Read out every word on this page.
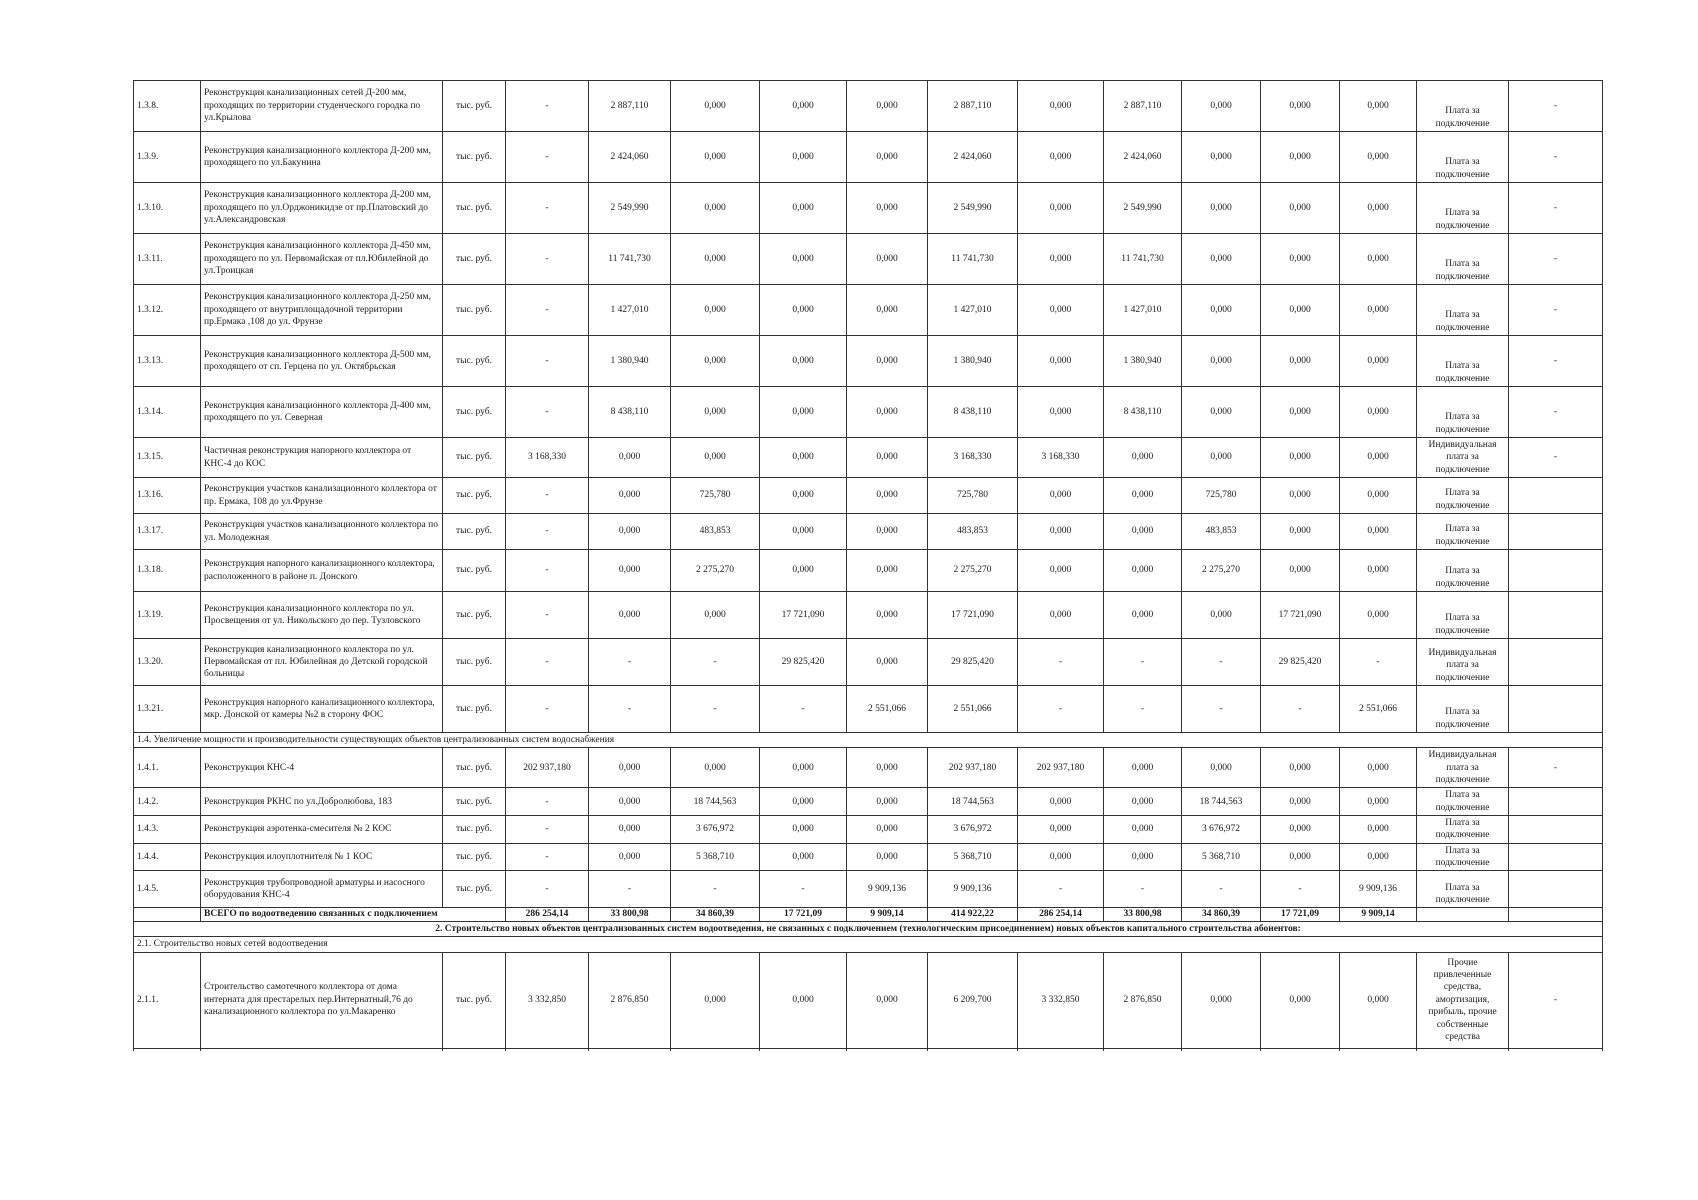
1.3.8.	Реконструкция канализационных сетей Д-200 мм, проходящих по территории студенческого городка по ул.Крылова	тыс. руб.	-	2 887,110	0,000	0,000	0,000	2 887,110	0,000	2 887,110	0,000	0,000	0,000	Плата за подключение	-
1.3.9.	Реконструкция канализационного коллектора Д-200 мм, проходящего по ул.Бакунина	тыс. руб.	-	2 424,060	0,000	0,000	0,000	2 424,060	0,000	2 424,060	0,000	0,000	0,000	Плата за подключение	-
1.3.10.	Реконструкция канализационного коллектора Д-200 мм, проходящего по ул.Орджоникидзе от пр.Платовский до ул.Александровская	тыс. руб.	-	2 549,990	0,000	0,000	0,000	2 549,990	0,000	2 549,990	0,000	0,000	0,000	Плата за подключение	-
1.3.11.	Реконструкция канализационного коллектора Д-450 мм, проходящего по ул. Первомайская от пл.Юбилейной до ул.Троицкая	тыс. руб.	-	11 741,730	0,000	0,000	0,000	11 741,730	0,000	11 741,730	0,000	0,000	0,000	Плата за подключение	-
1.3.12.	Реконструкция канализационного коллектора Д-250 мм, проходящего от внутриплощадочной территории пр.Ермака ,108 до ул. Фрунзе	тыс. руб.	-	1 427,010	0,000	0,000	0,000	1 427,010	0,000	1 427,010	0,000	0,000	0,000	Плата за подключение	-
1.3.13.	Реконструкция канализационного коллектора Д-500 мм, проходящего от сп. Герцена по ул. Октябрьская	тыс. руб.	-	1 380,940	0,000	0,000	0,000	1 380,940	0,000	1 380,940	0,000	0,000	0,000	Плата за подключение	-
1.3.14.	Реконструкция канализационного коллектора Д-400 мм, проходящего по ул. Северная	тыс. руб.	-	8 438,110	0,000	0,000	0,000	8 438,110	0,000	8 438,110	0,000	0,000	0,000	Плата за подключение	-
1.3.15.	Частичная реконструкция напорного коллектора от КНС-4 до КОС	тыс. руб.	3 168,330	0,000	0,000	0,000	0,000	3 168,330	3 168,330	0,000	0,000	0,000	0,000	Индивидуальная плата за подключение	-
1.3.16.	Реконструкция участков канализационного коллектора от пр. Ермака, 108 до ул.Фрунзе	тыс. руб.	-	0,000	725,780	0,000	0,000	725,780	0,000	0,000	725,780	0,000	0,000	Плата за подключение	
1.3.17.	Реконструкция участков канализационного коллектора по ул. Молодежная	тыс. руб.	-	0,000	483,853	0,000	0,000	483,853	0,000	0,000	483,853	0,000	0,000	Плата за подключение	
1.3.18.	Реконструкция напорного канализационного коллектора, расположенного в районе п. Донского	тыс. руб.	-	0,000	2 275,270	0,000	0,000	2 275,270	0,000	0,000	2 275,270	0,000	0,000	Плата за подключение	
1.3.19.	Реконструкция канализационного коллектора по ул. Просвещения от ул. Никольского до пер. Тузловского	тыс. руб.	-	0,000	0,000	17 721,090	0,000	17 721,090	0,000	0,000	0,000	17 721,090	0,000	Плата за подключение	
1.3.20.	Реконструкция канализационного коллектора по ул. Первомайская от пл. Юбилейная до Детской городской больницы	тыс. руб.	-	-	-	29 825,420	0,000	29 825,420	-	-	-	29 825,420	-	Индивидуальная плата за подключение	
1.3.21.	Реконструкция напорного канализационного коллектора, мкр. Донской от камеры №2 в сторону ФОС	тыс. руб.	-	-	-	-	2 551,066	2 551,066	-	-	-	-	2 551,066	Плата за подключение	
1.4. Увеличение мощности и производительности существующих объектов централизованных систем водоснабжения															
1.4.1.	Реконструкция КНС-4	тыс. руб.	202 937,180	0,000	0,000	0,000	0,000	202 937,180	202 937,180	0,000	0,000	0,000	0,000	Индивидуальная плата за подключение	-
1.4.2.	Реконструкция РКНС по ул.Добролюбова, 183	тыс. руб.	-	0,000	18 744,563	0,000	0,000	18 744,563	0,000	0,000	18 744,563	0,000	0,000	Плата за подключение	
1.4.3.	Реконструкция аэротенка-смесителя № 2 КОС	тыс. руб.	-	0,000	3 676,972	0,000	0,000	3 676,972	0,000	0,000	3 676,972	0,000	0,000	Плата за подключение	
1.4.4.	Реконструкция илоуплотнителя № 1 КОС	тыс. руб.	-	0,000	5 368,710	0,000	0,000	5 368,710	0,000	0,000	5 368,710	0,000	0,000	Плата за подключение	
1.4.5.	Реконструкция трубопроводной арматуры и насосного оборудования КНС-4	тыс. руб.	-	-	-	-	9 909,136	9 909,136	-	-	-	-	9 909,136	Плата за подключение	
	ВСЕГО по водоотведению связанных с подключением		286 254,14	33 800,98	34 860,39	17 721,09	9 909,14	414 922,22	286 254,14	33 800,98	34 860,39	17 721,09	9 909,14		
2. Строительство новых объектов централизованных систем водоотведения, не связанных с подключением (технологическим присоединением) новых объектов капитального строительства абонентов:															
2.1. Строительство новых сетей водоотведения															
2.1.1.	Строительство самотечного коллектора от дома интерната для престарелых пер.Интернатный,76 до канализационного коллектора по ул.Макаренко	тыс. руб.	3 332,850	2 876,850	0,000	0,000	0,000	6 209,700	3 332,850	2 876,850	0,000	0,000	0,000	Прочие привлеченные средства, амортизация, прибыль, прочие собственные средства	-
